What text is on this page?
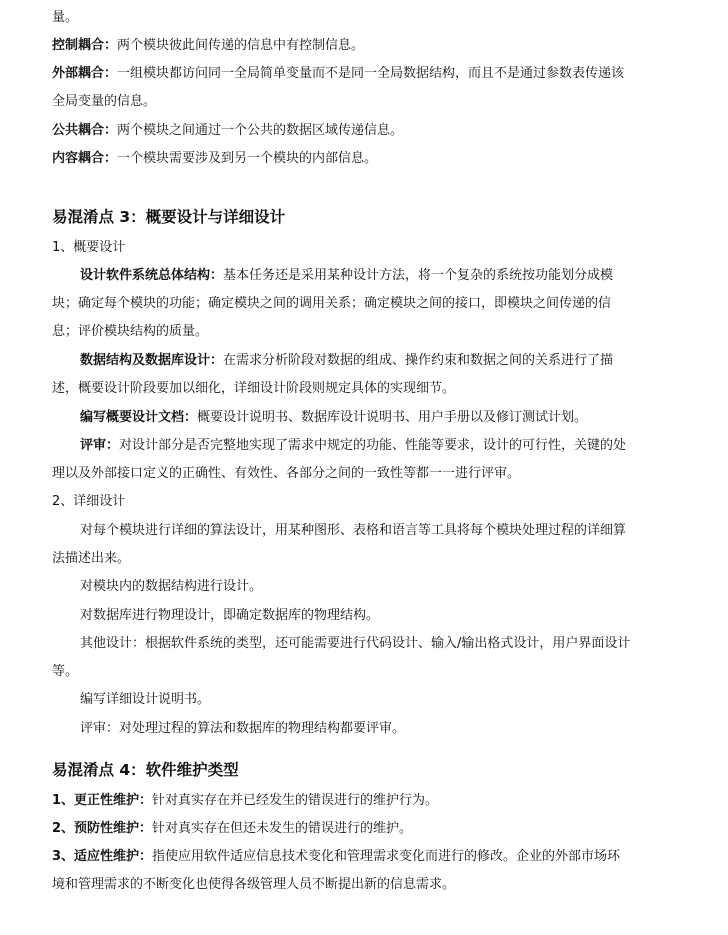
量。
控制耦合：两个模块彼此间传递的信息中有控制信息。
外部耦合：一组模块都访问同一全局简单变量而不是同一全局数据结构，而且不是通过参数表传递该
全局变量的信息。
公共耦合：两个模块之间通过一个公共的数据区域传递信息。
内容耦合：一个模块需要涉及到另一个模块的内部信息。
易混淆点 3：概要设计与详细设计
1、概要设计
设计软件系统总体结构：基本任务还是采用某种设计方法，将一个复杂的系统按功能划分成模
块；确定每个模块的功能；确定模块之间的调用关系；确定模块之间的接口，即模块之间传递的信
息；评价模块结构的质量。
数据结构及数据库设计：在需求分析阶段对数据的组成、操作约束和数据之间的关系进行了描
述，概要设计阶段要加以细化，详细设计阶段则规定具体的实现细节。
编写概要设计文档：概要设计说明书、数据库设计说明书、用户手册以及修订测试计划。
评审：对设计部分是否完整地实现了需求中规定的功能、性能等要求，设计的可行性，关键的处
理以及外部接口定义的正确性、有效性、各部分之间的一致性等都一一进行评审。
2、详细设计
对每个模块进行详细的算法设计，用某种图形、表格和语言等工具将每个模块处理过程的详细算
法描述出来。
对模块内的数据结构进行设计。
对数据库进行物理设计，即确定数据库的物理结构。
其他设计：根据软件系统的类型，还可能需要进行代码设计、输入/输出格式设计，用户界面设计
等。
编写详细设计说明书。
评审：对处理过程的算法和数据库的物理结构都要评审。
易混淆点 4：软件维护类型
1、更正性维护：针对真实存在并已经发生的错误进行的维护行为。
2、预防性维护：针对真实存在但还未发生的错误进行的维护。
3、适应性维护：指使应用软件适应信息技术变化和管理需求变化而进行的修改。企业的外部市场环
境和管理需求的不断变化也使得各级管理人员不断提出新的信息需求。
